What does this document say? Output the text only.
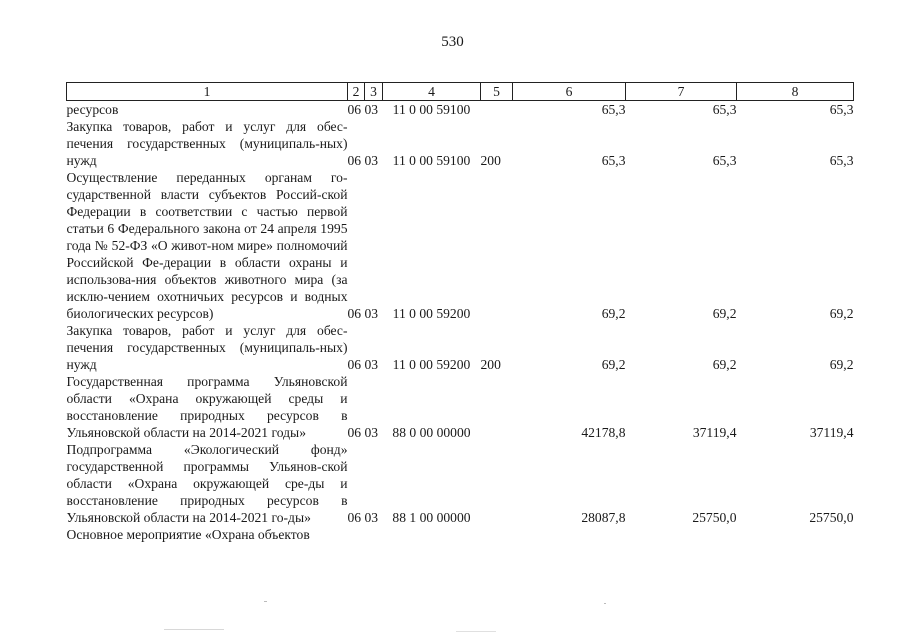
530
1	2	3	4	5	6	7	8
ресурсов	06	03	11 0 00 59100		65,3	65,3	65,3
Закупка товаров, работ и услуг для обес-печения государственных (муниципаль-ных) нужд	06	03	11 0 00 59100	200	65,3	65,3	65,3
Осуществление переданных органам го-сударственной власти субъектов Россий-ской Федерации в соответствии с частью первой статьи 6 Федерального закона от 24 апреля 1995 года № 52-ФЗ «О живот-ном мире» полномочий Российской Фе-дерации в области охраны и использова-ния объектов животного мира (за исклю-чением охотничьих ресурсов и водных биологических ресурсов)	06	03	11 0 00 59200		69,2	69,2	69,2
Закупка товаров, работ и услуг для обес-печения государственных (муниципаль-ных) нужд	06	03	11 0 00 59200	200	69,2	69,2	69,2
Государственная программа Ульяновской области «Охрана окружающей среды и восстановление природных ресурсов в Ульяновской области на 2014-2021 годы»	06	03	88 0 00 00000		42178,8	37119,4	37119,4
Подпрограмма «Экологический фонд» государственной программы Ульянов-ской области «Охрана окружающей сре-ды и восстановление природных ресурсов в Ульяновской области на 2014-2021 го-ды»	06	03	88 1 00 00000		28087,8	25750,0	25750,0
Основное мероприятие «Охрана объектов							
